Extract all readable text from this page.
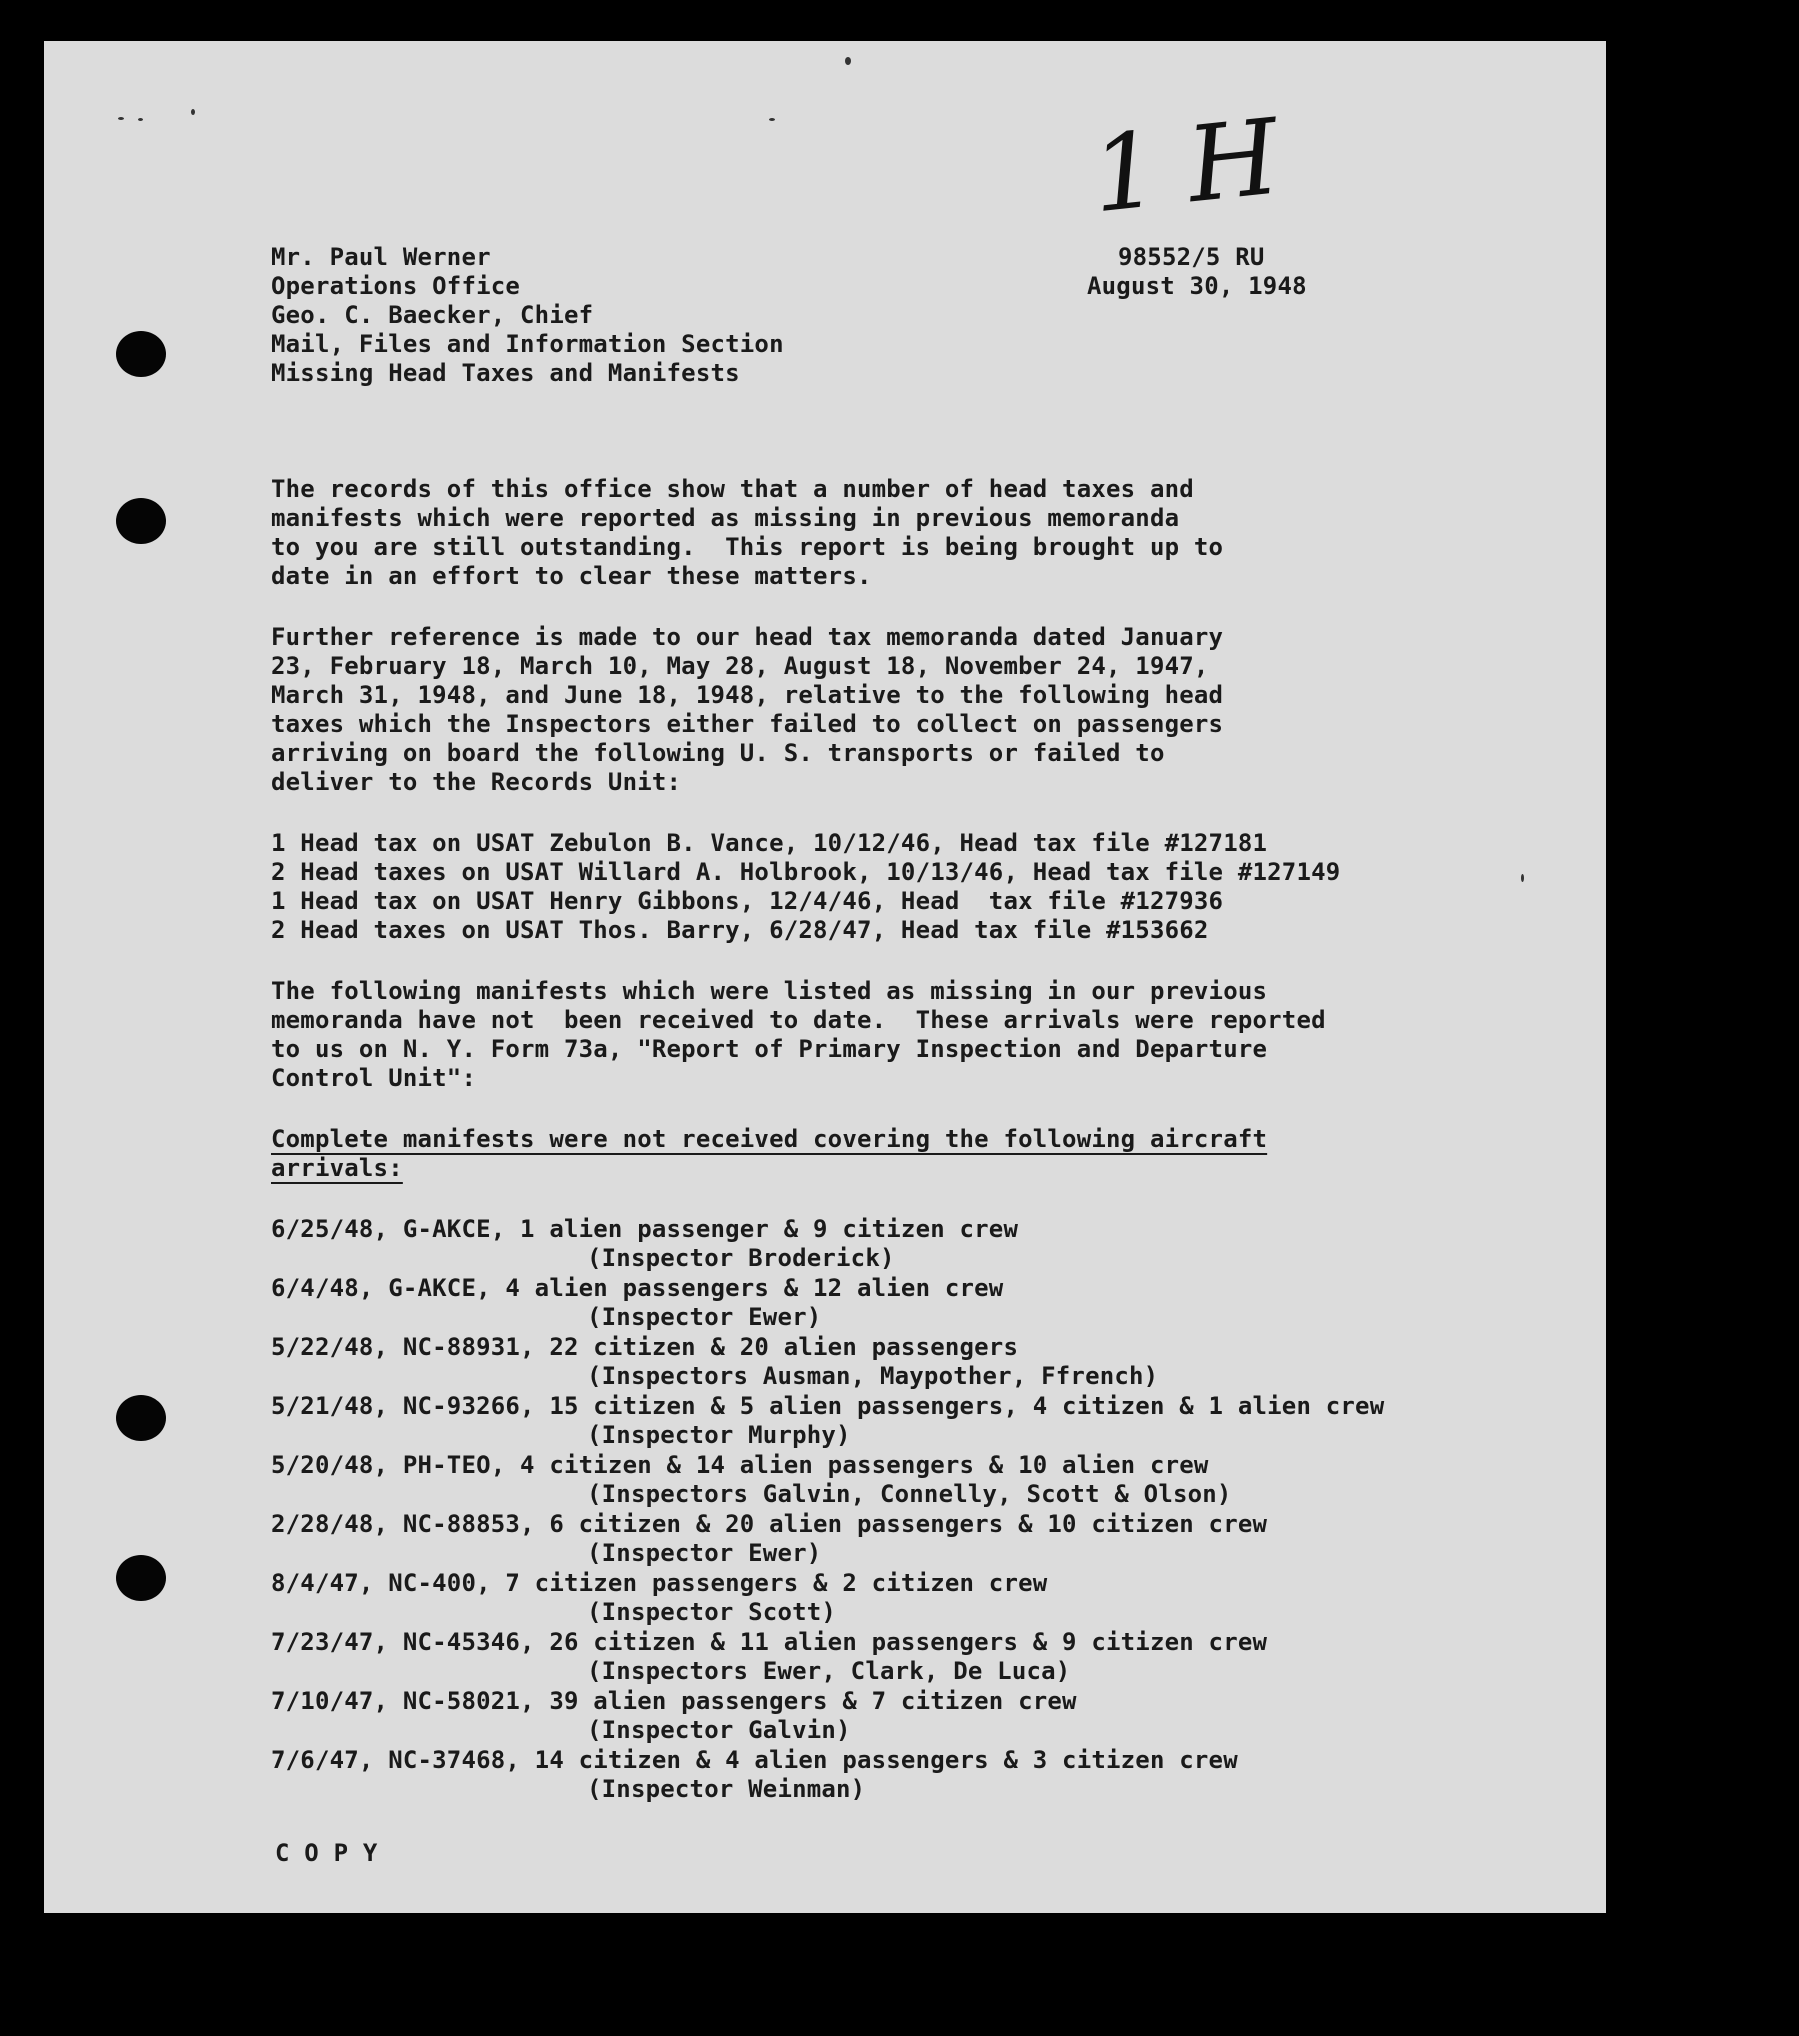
1H
Mr. Paul Werner
Operations Office
Geo. C. Baecker, Chief
Mail, Files and Information Section
Missing Head Taxes and Manifests
98552/5 RU
August 30, 1948
The records of this office show that a number of head taxes and
manifests which were reported as missing in previous memoranda
to you are still outstanding.  This report is being brought up to
date in an effort to clear these matters.
Further reference is made to our head tax memoranda dated January
23, February 18, March 10, May 28, August 18, November 24, 1947,
March 31, 1948, and June 18, 1948, relative to the following head
taxes which the Inspectors either failed to collect on passengers
arriving on board the following U. S. transports or failed to
deliver to the Records Unit:
1 Head tax on USAT Zebulon B. Vance, 10/12/46, Head tax file #127181
2 Head taxes on USAT Willard A. Holbrook, 10/13/46, Head tax file #127149
1 Head tax on USAT Henry Gibbons, 12/4/46, Head  tax file #127936
2 Head taxes on USAT Thos. Barry, 6/28/47, Head tax file #153662
The following manifests which were listed as missing in our previous
memoranda have not  been received to date.  These arrivals were reported
to us on N. Y. Form 73a, "Report of Primary Inspection and Departure
Control Unit":
Complete manifests were not received covering the following aircraft
arrivals:
6/25/48, G-AKCE, 1 alien passenger & 9 citizen crew
(Inspector Broderick)
6/4/48, G-AKCE, 4 alien passengers & 12 alien crew
(Inspector Ewer)
5/22/48, NC-88931, 22 citizen & 20 alien passengers
(Inspectors Ausman, Maypother, Ffrench)
5/21/48, NC-93266, 15 citizen & 5 alien passengers, 4 citizen & 1 alien crew
(Inspector Murphy)
5/20/48, PH-TEO, 4 citizen & 14 alien passengers & 10 alien crew
(Inspectors Galvin, Connelly, Scott & Olson)
2/28/48, NC-88853, 6 citizen & 20 alien passengers & 10 citizen crew
(Inspector Ewer)
8/4/47, NC-400, 7 citizen passengers & 2 citizen crew
(Inspector Scott)
7/23/47, NC-45346, 26 citizen & 11 alien passengers & 9 citizen crew
(Inspectors Ewer, Clark, De Luca)
7/10/47, NC-58021, 39 alien passengers & 7 citizen crew
(Inspector Galvin)
7/6/47, NC-37468, 14 citizen & 4 alien passengers & 3 citizen crew
(Inspector Weinman)
C O P Y
